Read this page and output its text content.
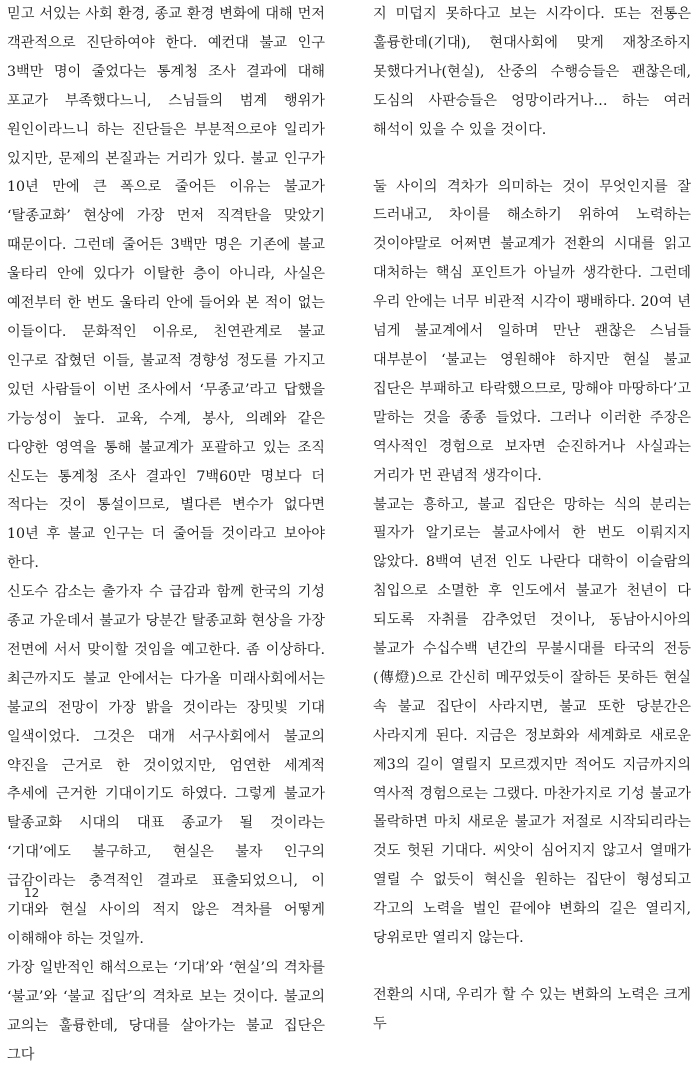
믿고 서있는 사회 환경, 종교 환경 변화에 대해 먼저 객관적으로 진단하여야 한다. 예컨대 불교 인구 3백만 명이 줄었다는 통계청 조사 결과에 대해 포교가 부족했다느니, 스님들의 범계 행위가 원인이라느니 하는 진단들은 부분적으로야 일리가 있지만, 문제의 본질과는 거리가 있다. 불교 인구가 10년 만에 큰 폭으로 줄어든 이유는 불교가 ‘탈종교화’ 현상에 가장 먼저 직격탄을 맞았기 때문이다. 그런데 줄어든 3백만 명은 기존에 불교 울타리 안에 있다가 이탈한 층이 아니라, 사실은 예전부터 한 번도 울타리 안에 들어와 본 적이 없는 이들이다. 문화적인 이유로, 친연관계로 불교 인구로 잡혔던 이들, 불교적 경향성 정도를 가지고 있던 사람들이 이번 조사에서 ‘무종교’라고 답했을 가능성이 높다. 교육, 수계, 봉사, 의례와 같은 다양한 영역을 통해 불교계가 포괄하고 있는 조직 신도는 통계청 조사 결과인 7백60만 명보다 더 적다는 것이 통설이므로, 별다른 변수가 없다면 10년 후 불교 인구는 더 줄어들 것이라고 보아야 한다.

신도수 감소는 출가자 수 급감과 함께 한국의 기성 종교 가운데서 불교가 당분간 탈종교화 현상을 가장 전면에 서서 맞이할 것임을 예고한다. 좀 이상하다. 최근까지도 불교 안에서는 다가올 미래사회에서는 불교의 전망이 가장 밝을 것이라는 장밋빛 기대 일색이었다. 그것은 대개 서구사회에서 불교의 약진을 근거로 한 것이었지만, 엄연한 세계적 추세에 근거한 기대이기도 하였다. 그렇게 불교가 탈종교화 시대의 대표 종교가 될 것이라는 ‘기대’에도 불구하고, 현실은 불자 인구의 급감이라는 충격적인 결과로 표출되었으니, 이 기대와 현실 사이의 적지 않은 격차를 어떻게 이해해야 하는 것일까.

가장 일반적인 해석으로는 ‘기대’와 ‘현실’의 격차를 ‘불교’와 ‘불교 집단’의 격차로 보는 것이다. 불교의 교의는 훌륭한데, 당대를 살아가는 불교 집단은 그다

지 미덥지 못하다고 보는 시각이다. 또는 전통은 훌륭한데(기대), 현대사회에 맞게 재창조하지 못했다거나(현실), 산중의 수행승들은 괜찮은데, 도심의 사판승들은 엉망이라거나… 하는 여러 해석이 있을 수 있을 것이다.

둘 사이의 격차가 의미하는 것이 무엇인지를 잘 드러내고, 차이를 해소하기 위하여 노력하는 것이야말로 어쩌면 불교계가 전환의 시대를 읽고 대처하는 핵심 포인트가 아닐까 생각한다. 그런데 우리 안에는 너무 비관적 시각이 팽배하다. 20여 년 넘게 불교계에서 일하며 만난 괜찮은 스님들 대부분이 ‘불교는 영원해야 하지만 현실 불교 집단은 부패하고 타락했으므로, 망해야 마땅하다’고 말하는 것을 종종 들었다. 그러나 이러한 주장은 역사적인 경험으로 보자면 순진하거나 사실과는 거리가 먼 관념적 생각이다.

불교는 흥하고, 불교 집단은 망하는 식의 분리는 필자가 알기로는 불교사에서 한 번도 이뤄지지 않았다. 8백여 년전 인도 나란다 대학이 이슬람의 침입으로 소멸한 후 인도에서 불교가 천년이 다 되도록 자취를 감추었던 것이나, 동남아시아의 불교가 수십수백 년간의 무불시대를 타국의 전등(傳燈)으로 간신히 메꾸었듯이 잘하든 못하든 현실 속 불교 집단이 사라지면, 불교 또한 당분간은 사라지게 된다. 지금은 정보화와 세계화로 새로운 제3의 길이 열릴지 모르겠지만 적어도 지금까지의 역사적 경험으로는 그랬다. 마찬가지로 기성 불교가 몰락하면 마치 새로운 불교가 저절로 시작되리라는 것도 헛된 기대다. 씨앗이 심어지지 않고서 열매가 열릴 수 없듯이 혁신을 원하는 집단이 형성되고 각고의 노력을 벌인 끝에야 변화의 길은 열리지, 당위로만 열리지 않는다.

전환의 시대, 우리가 할 수 있는 변화의 노력은 크게 두

12
